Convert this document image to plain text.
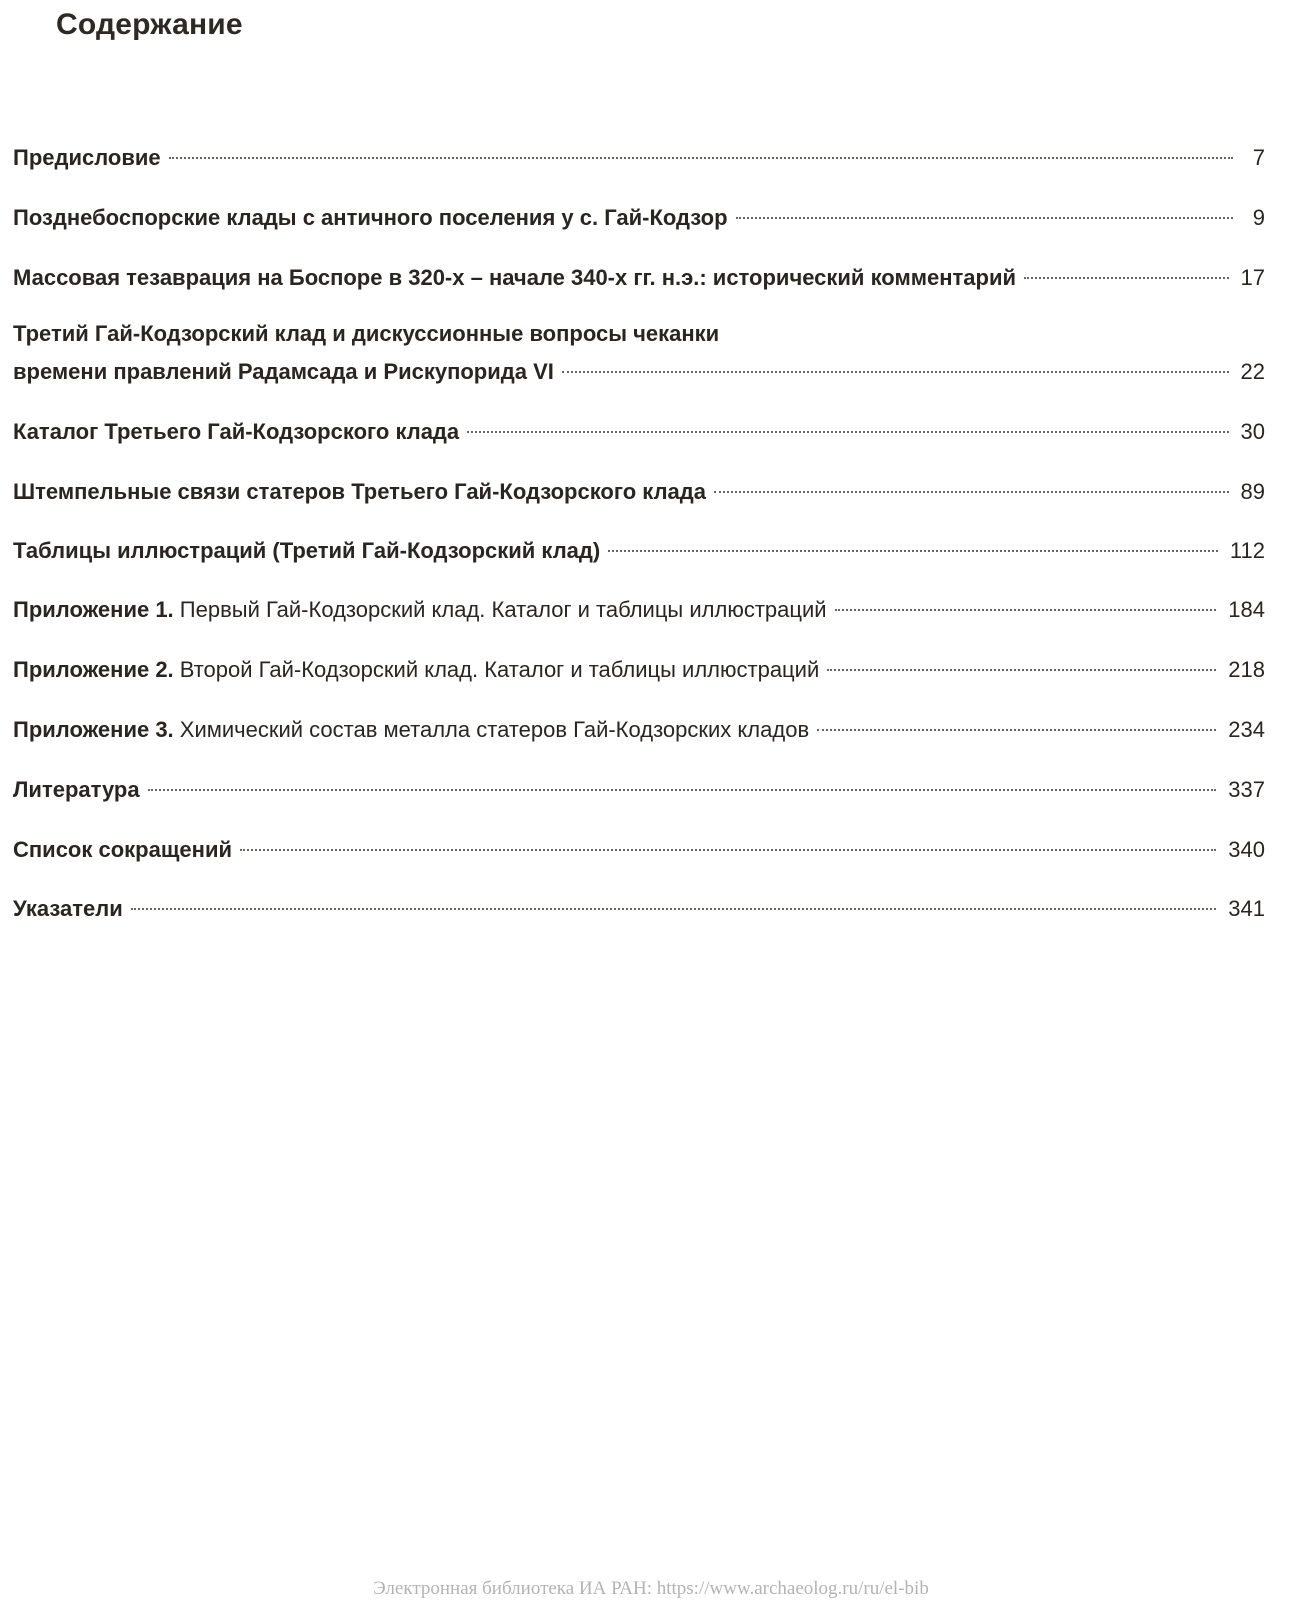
Содержание
Предисловие	7
Позднебоспорские клады с античного поселения у с. Гай-Кодзор	9
Массовая тезаврация на Боспоре в 320-х – начале 340-х гг. н.э.: исторический комментарий	17
Третий Гай-Кодзорский клад и дискуссионные вопросы чеканки
времени правлений Радамсада и Рискупорида VI	22
Каталог Третьего Гай-Кодзорского клада	30
Штемпельные связи статеров Третьего Гай-Кодзорского клада	89
Таблицы иллюстраций (Третий Гай-Кодзорский клад)	112
Приложение 1. Первый Гай-Кодзорский клад. Каталог и таблицы иллюстраций	184
Приложение 2. Второй Гай-Кодзорский клад. Каталог и таблицы иллюстраций	218
Приложение 3. Химический состав металла статеров Гай-Кодзорских кладов	234
Литература	337
Список сокращений	340
Указатели	341
Электронная библиотека ИА РАН: https://www.archaeolog.ru/ru/el-bib
